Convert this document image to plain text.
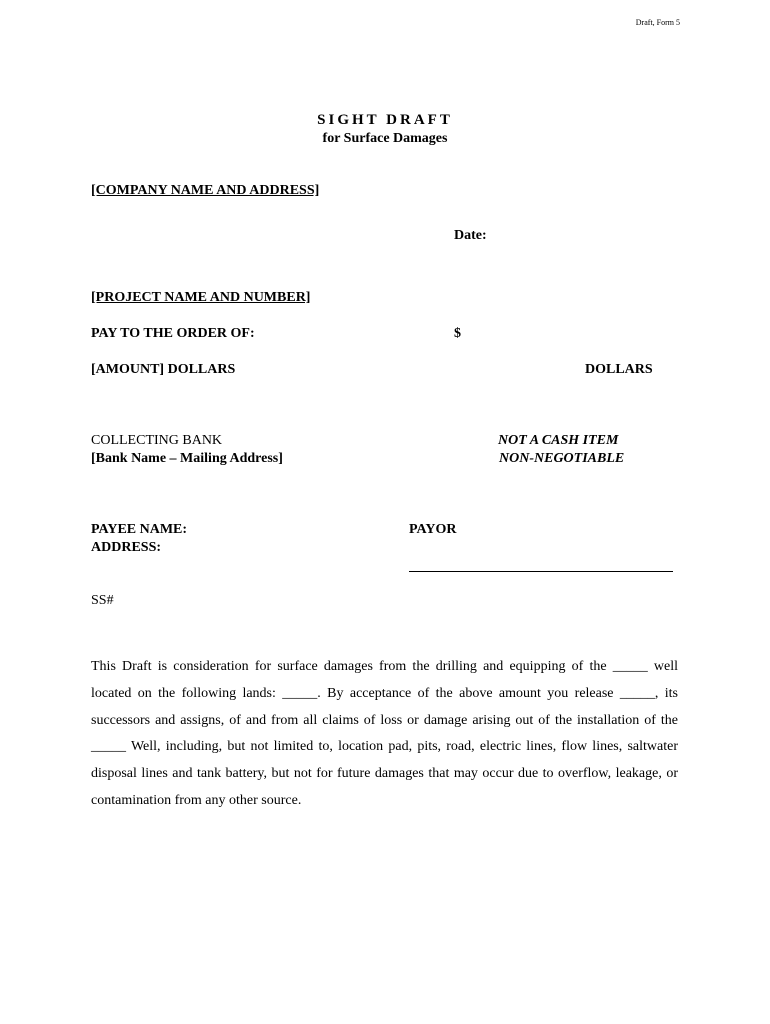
Draft, Form 5
SIGHT DRAFT
for Surface Damages
[COMPANY NAME AND ADDRESS]
Date:
[PROJECT NAME AND NUMBER]
PAY TO THE ORDER OF:	$
[AMOUNT] DOLLARS	DOLLARS
COLLECTING BANK
[Bank Name – Mailing Address]
NOT A CASH ITEM
NON-NEGOTIABLE
PAYEE NAME:
ADDRESS:
PAYOR
SS#
This Draft is consideration for surface damages from the drilling and equipping of the _____ well located on the following lands: _____. By acceptance of the above amount you release _____, its successors and assigns, of and from all claims of loss or damage arising out of the installation of the _____ Well, including, but not limited to, location pad, pits, road, electric lines, flow lines, saltwater disposal lines and tank battery, but not for future damages that may occur due to overflow, leakage, or contamination from any other source.
